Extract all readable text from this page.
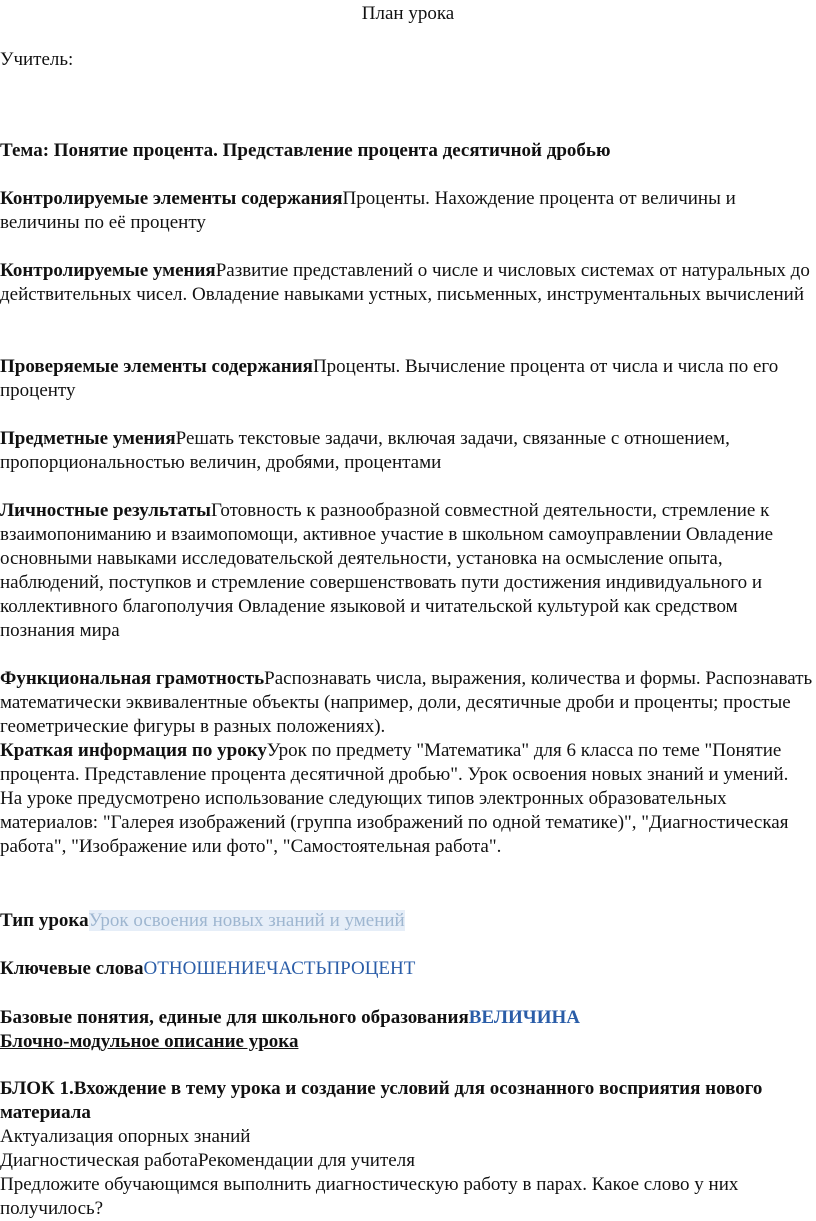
План урока
Учитель:
Тема: Понятие процента. Представление процента десятичной дробью
Контролируемые элементы содержанияПроценты. Нахождение процента от величины и величины по её проценту
Контролируемые уменияРазвитие представлений о числе и числовых системах от натуральных до действительных чисел. Овладение навыками устных, письменных, инструментальных вычислений
Проверяемые элементы содержанияПроценты. Вычисление процента от числа и числа по его проценту
Предметные уменияРешать текстовые задачи, включая задачи, связанные с отношением, пропорциональностью величин, дробями, процентами
Личностные результатыГотовность к разнообразной совместной деятельности, стремление к взаимопониманию и взаимопомощи, активное участие в школьном самоуправлении Овладение основными навыками исследовательской деятельности, установка на осмысление опыта, наблюдений, поступков и стремление совершенствовать пути достижения индивидуального и коллективного благополучия Овладение языковой и читательской культурой как средством познания мира
Функциональная грамотностьРаспознавать числа, выражения, количества и формы. Распознавать математически эквивалентные объекты (например, доли, десятичные дроби и проценты; простые геометрические фигуры в разных положениях).
Краткая информация по урокуУрок по предмету "Математика" для 6 класса по теме "Понятие процента. Представление процента десятичной дробью". Урок освоения новых знаний и умений. На уроке предусмотрено использование следующих типов электронных образовательных материалов: "Галерея изображений (группа изображений по одной тематике)", "Диагностическая работа", "Изображение или фото", "Самостоятельная работа".
Тип урокаУрок освоения новых знаний и умений
Ключевые словаОТНОШЕНИЕЧАСТЬПРОЦЕНТ
Базовые понятия, единые для школьного образованияВЕЛИЧИНА
Блочно-модульное описание урока
БЛОК 1.Вхождение в тему урока и создание условий для осознанного восприятия нового материала
Актуализация опорных знаний
Диагностическая работаРекомендации для учителя
Предложите обучающимся выполнить диагностическую работу в парах. Какое слово у них получилось?
